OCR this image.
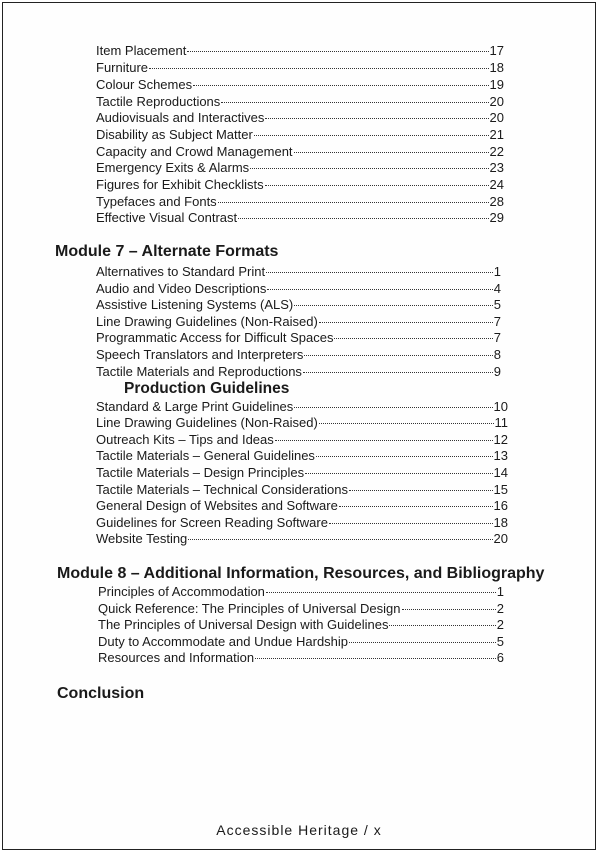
Item Placement	17
Furniture	18
Colour Schemes	19
Tactile Reproductions	20
Audiovisuals and Interactives	20
Disability as Subject Matter	21
Capacity and Crowd Management	22
Emergency Exits & Alarms	23
Figures for Exhibit Checklists	24
Typefaces and Fonts	28
Effective Visual Contrast	29
Module 7 – Alternate Formats
Alternatives to Standard Print	1
Audio and Video Descriptions	4
Assistive Listening Systems (ALS)	5
Line Drawing Guidelines (Non-Raised)	7
Programmatic Access for Difficult Spaces	7
Speech Translators and Interpreters	8
Tactile Materials and Reproductions	9
Production Guidelines
Standard & Large Print Guidelines	10
Line Drawing Guidelines (Non-Raised)	11
Outreach Kits – Tips and Ideas	12
Tactile Materials – General Guidelines	13
Tactile Materials – Design Principles	14
Tactile Materials – Technical Considerations	15
General Design of Websites and Software	16
Guidelines for Screen Reading Software	18
Website Testing	20
Module 8 – Additional Information, Resources, and Bibliography
Principles of Accommodation	1
Quick Reference: The Principles of Universal Design	2
The Principles of Universal Design with Guidelines	2
Duty to Accommodate and Undue Hardship	5
Resources and Information	6
Conclusion
Accessible Heritage / x
